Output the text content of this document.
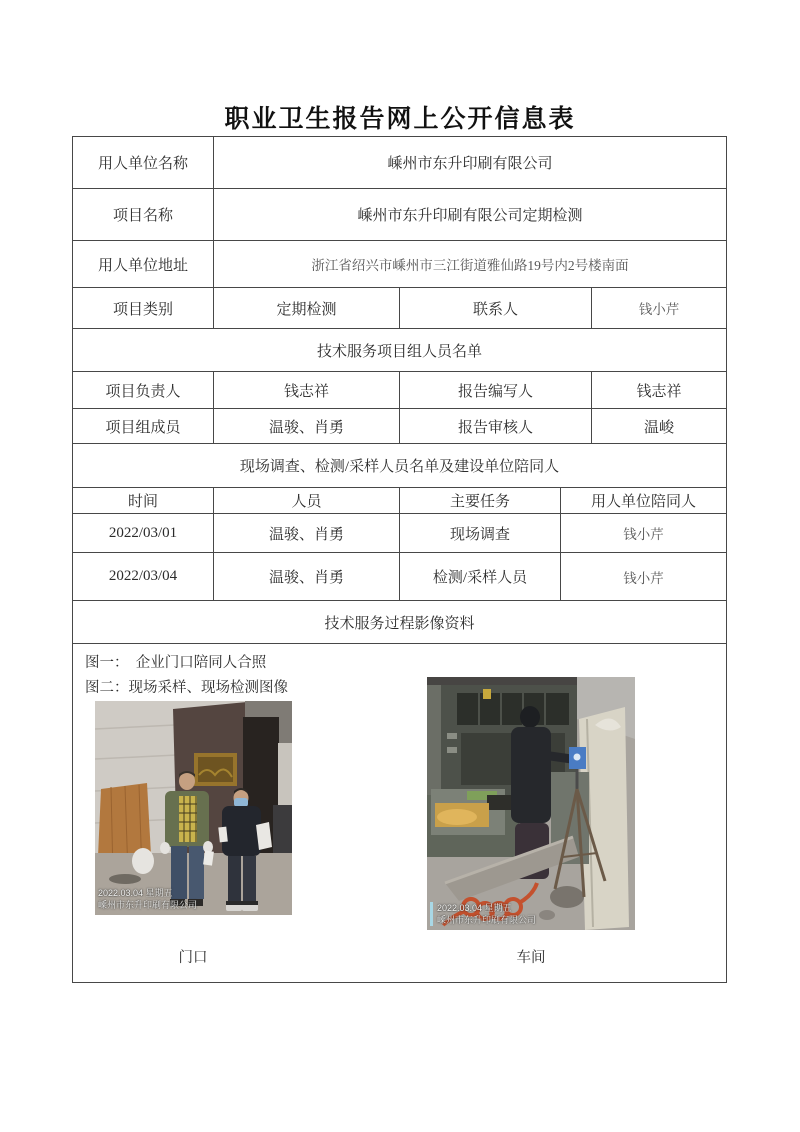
职业卫生报告网上公开信息表
用人单位名称	嵊州市东升印刷有限公司
项目名称	嵊州市东升印刷有限公司定期检测
用人单位地址	浙江省绍兴市嵊州市三江街道雅仙路19号内2号楼南面
项目类别	定期检测	联系人	钱小芹
技术服务项目组人员名单
项目负责人	钱志祥	报告编写人	钱志祥
项目组成员	温骏、肖勇	报告审核人	温峻
现场调查、检测/采样人员名单及建设单位陪同人
时间	人员	主要任务	用人单位陪同人
2022/03/01	温骏、肖勇	现场调查	钱小芹
2022/03/04	温骏、肖勇	检测/采样人员	钱小芹
技术服务过程影像资料
图一：  企业门口陪同人合照
图二：现场采样、现场检测图像
2022.03.04 星期五
嵊州市东升印刷有限公司	2022.03.04 星期五
嵊州市东升印刷有限公司
门口	车间
